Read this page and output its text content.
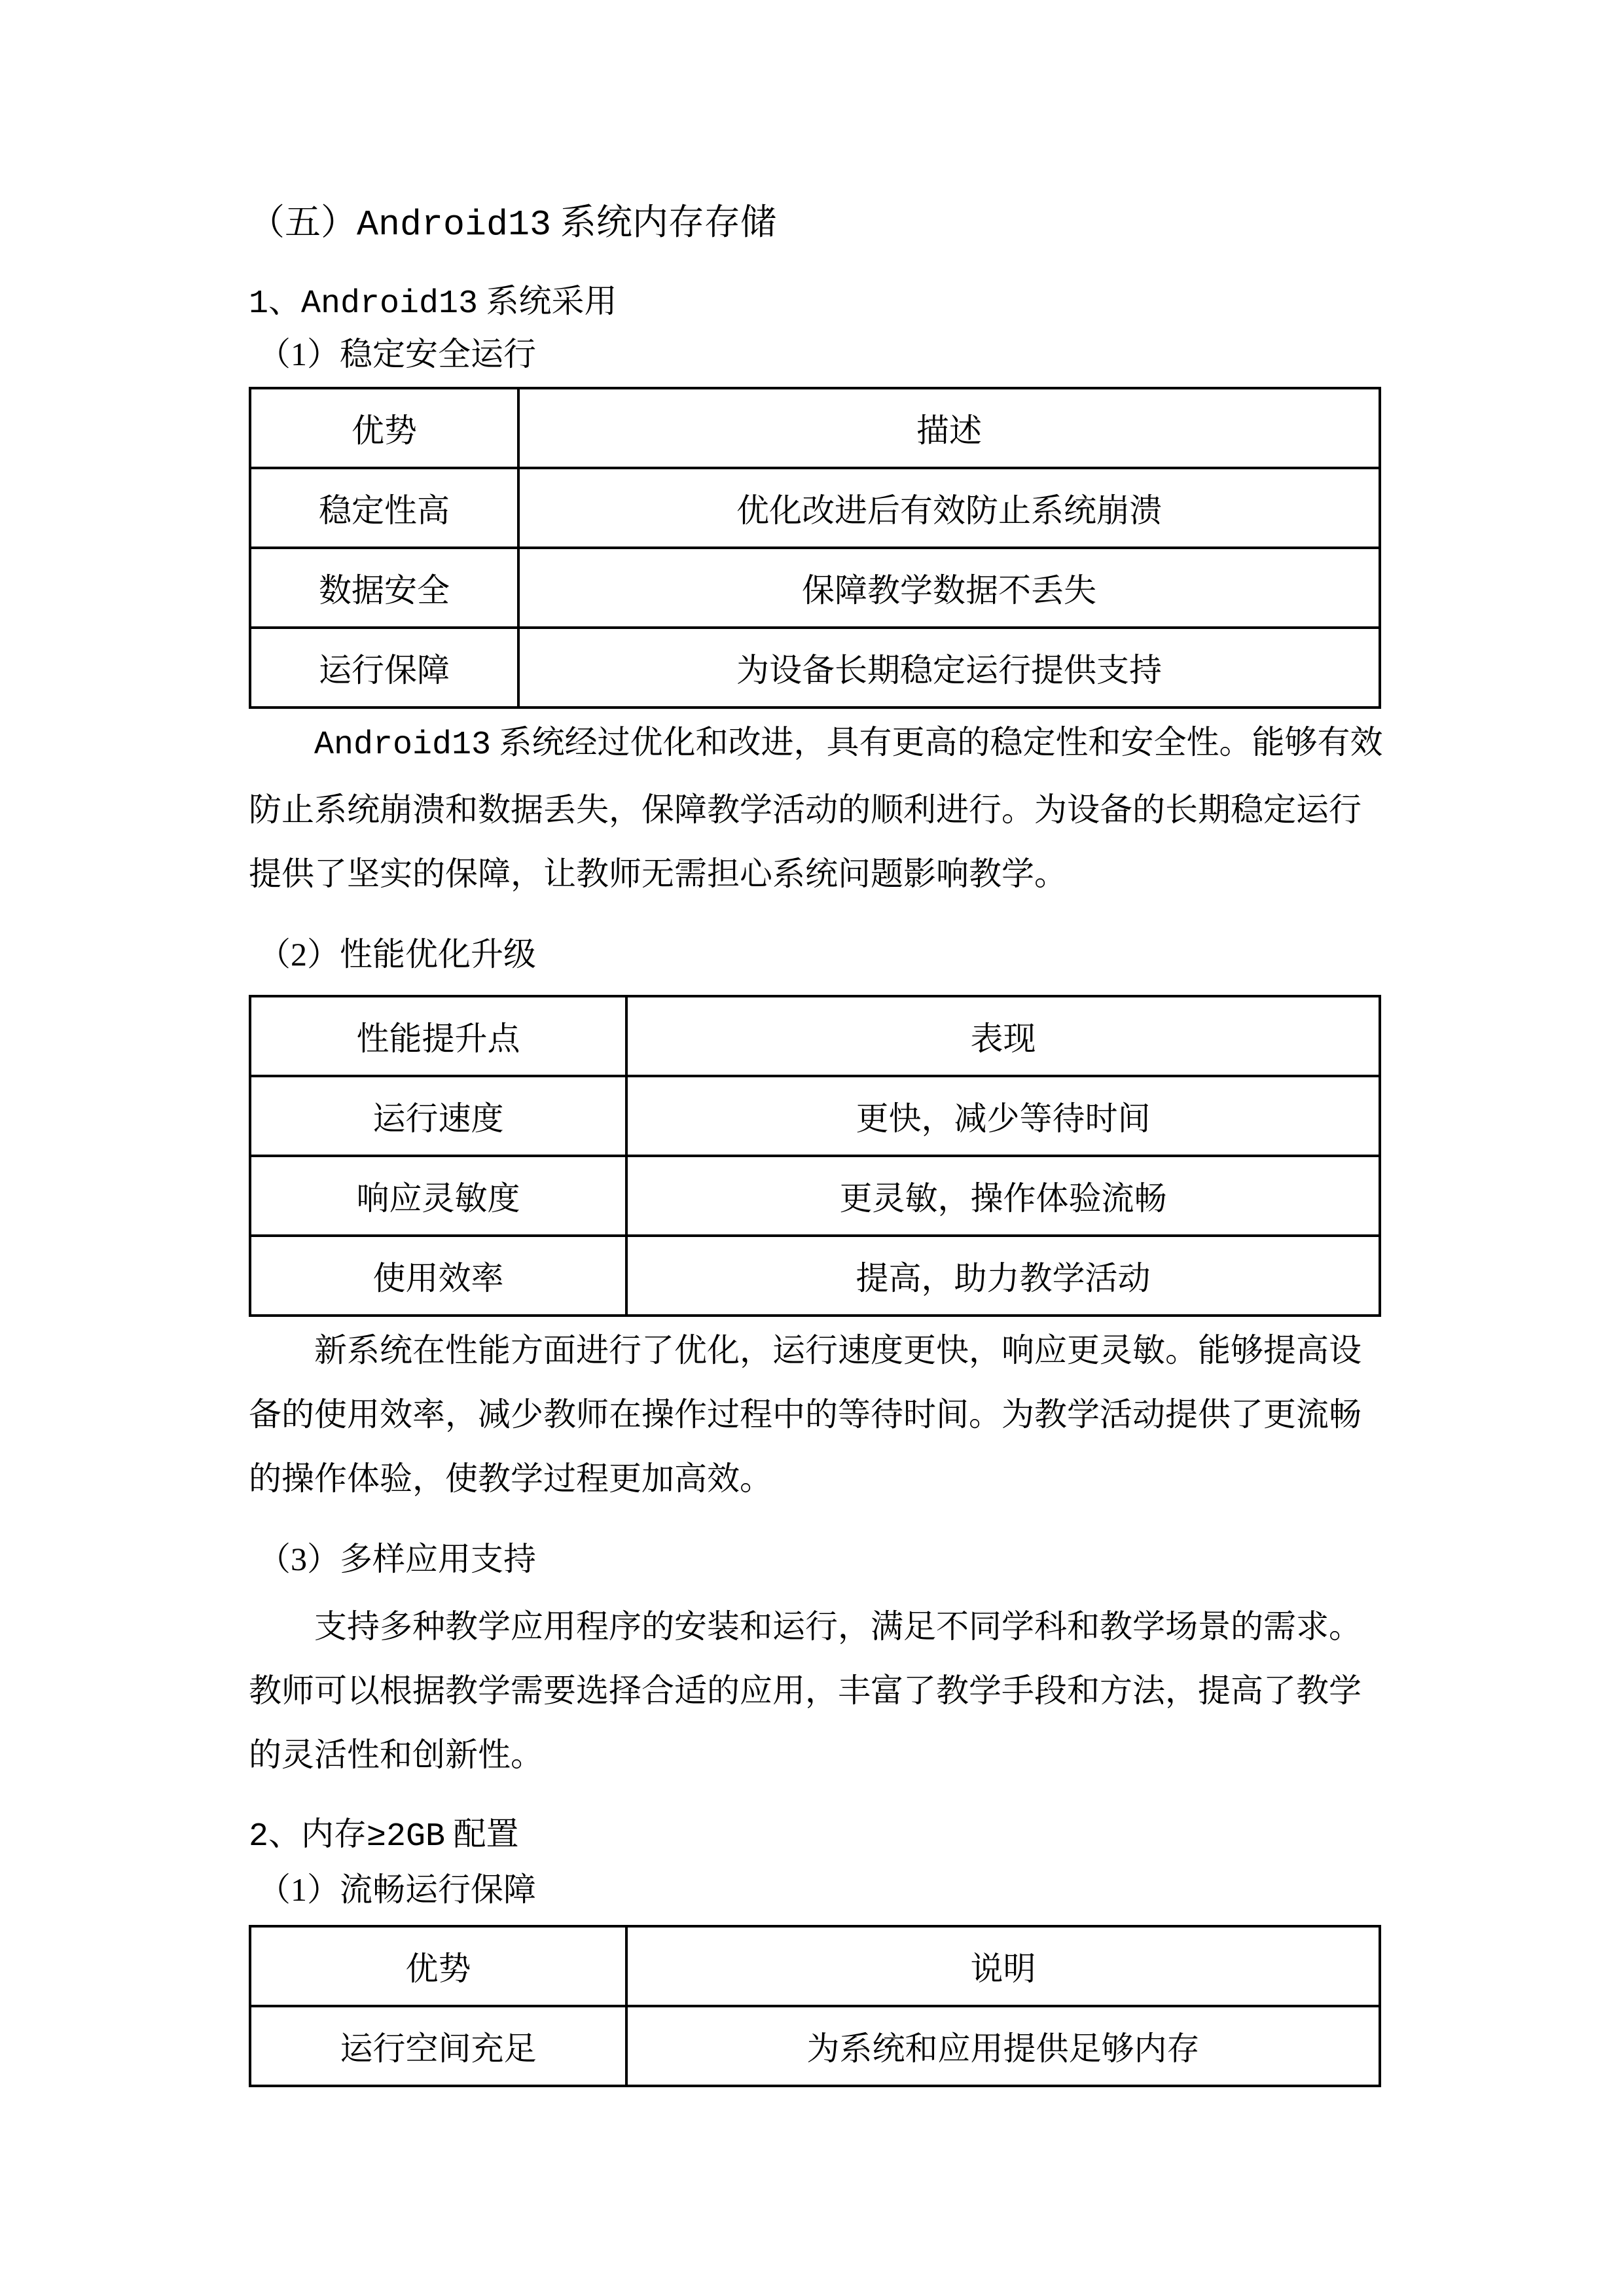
（五）Android13 系统内存存储
1、Android13 系统采用
（1）稳定安全运行
优势	描述
稳定性高	优化改进后有效防止系统崩溃
数据安全	保障教学数据不丢失
运行保障	为设备长期稳定运行提供支持
Android13 系统经过优化和改进，具有更高的稳定性和安全性。能够有效
防止系统崩溃和数据丢失，保障教学活动的顺利进行。为设备的长期稳定运行
提供了坚实的保障，让教师无需担心系统问题影响教学。
（2）性能优化升级
性能提升点	表现
运行速度	更快，减少等待时间
响应灵敏度	更灵敏，操作体验流畅
使用效率	提高，助力教学活动
新系统在性能方面进行了优化，运行速度更快，响应更灵敏。能够提高设
备的使用效率，减少教师在操作过程中的等待时间。为教学活动提供了更流畅
的操作体验，使教学过程更加高效。
（3）多样应用支持
支持多种教学应用程序的安装和运行，满足不同学科和教学场景的需求。
教师可以根据教学需要选择合适的应用，丰富了教学手段和方法，提高了教学
的灵活性和创新性。
2、内存≥2GB 配置
（1）流畅运行保障
优势	说明
运行空间充足	为系统和应用提供足够内存
